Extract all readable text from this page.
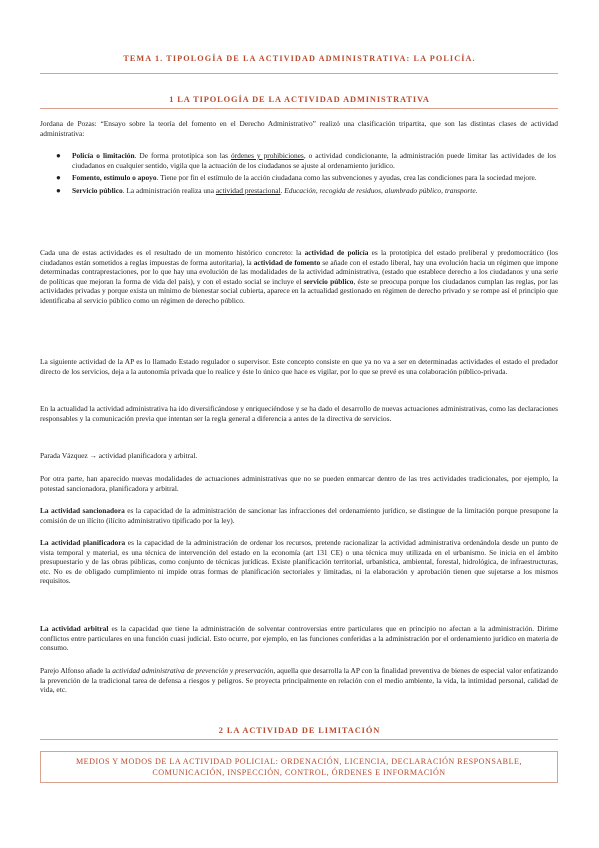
TEMA 1. TIPOLOGÍA DE LA ACTIVIDAD ADMINISTRATIVA: LA POLICÍA.
1 LA TIPOLOGÍA DE LA ACTIVIDAD ADMINISTRATIVA

Jordana de Pozas: “Ensayo sobre la teoría del fomento en el Derecho Administrativo” realizó una clasificación tripartita, que son las distintas clases de actividad administrativa:

● Policía o limitación. De forma prototípica son las órdenes y prohibiciones, o actividad condicionante, la administración puede limitar las actividades de los ciudadanos en cualquier sentido, vigila que la actuación de los ciudadanos se ajuste al ordenamiento jurídico.
● Fomento, estímulo o apoyo. Tiene por fin el estímulo de la acción ciudadana como las subvenciones y ayudas, crea las condiciones para la sociedad mejore.
● Servicio público. La administración realiza una actividad prestacional. Educación, recogida de residuos, alumbrado público, transporte.

Cada una de estas actividades es el resultado de un momento histórico concreto: la actividad de policía es la prototípica del estado preliberal y predomocrático (los ciudadanos están sometidos a reglas impuestas de forma autoritaria), la actividad de fomento se añade con el estado liberal, hay una evolución hacia un régimen que impone determinadas contraprestaciones, por lo que hay una evolución de las modalidades de la actividad administrativa, (estado que establece derecho a los ciudadanos y una serie de políticas que mejoran la forma de vida del país), y con el estado social se incluye el servicio público, éste se preocupa porque los ciudadanos cumplan las reglas, por las actividades privadas y porque exista un mínimo de bienestar social cubierta, aparece en la actualidad gestionado en régimen de derecho privado y se rompe así el principio que identificaba al servicio público como un régimen de derecho público.

La siguiente actividad de la AP es lo llamado Estado regulador o supervisor. Este concepto consiste en que ya no va a ser en determinadas actividades el estado el predador directo de los servicios, deja a la autonomía privada que lo realice y éste lo único que hace es vigilar, por lo que se prevé es una colaboración público-privada.

En la actualidad la actividad administrativa ha ido diversificándose y enriqueciéndose y se ha dado el desarrollo de nuevas actuaciones administrativas, como las declaraciones responsables y la comunicación previa que intentan ser la regla general a diferencia a antes de la directiva de servicios.

Parada Vázquez → actividad planificadora y arbitral.

Por otra parte, han aparecido nuevas modalidades de actuaciones administrativas que no se pueden enmarcar dentro de las tres actividades tradicionales, por ejemplo, la potestad sancionadora, planificadora y arbitral.

La actividad sancionadora es la capacidad de la administración de sancionar las infracciones del ordenamiento jurídico, se distingue de la limitación porque presupone la comisión de un ilícito (ilícito administrativo tipificado por la ley).

La actividad planificadora es la capacidad de la administración de ordenar los recursos, pretende racionalizar la actividad administrativa ordenándola desde un punto de vista temporal y material, es una técnica de intervención del estado en la economía (art 131 CE) o una técnica muy utilizada en el urbanismo. Se inicia en el ámbito presupuestario y de las obras públicas, como conjunto de técnicas jurídicas. Existe planificación territorial, urbanística, ambiental, forestal, hidrológica, de infraestructuras, etc. No es de obligado cumplimiento ni impide otras formas de planificación sectoriales y limitadas, ni la elaboración y aprobación tienen que sujetarse a los mismos requisitos.

La actividad arbitral es la capacidad que tiene la administración de solventar controversias entre particulares que en principio no afectan a la administración. Dirime conflictos entre particulares en una función cuasi judicial. Esto ocurre, por ejemplo, en las funciones conferidas a la administración por el ordenamiento jurídico en materia de consumo.

Parejo Alfonso añade la actividad administrativa de prevención y preservación, aquella que desarrolla la AP con la finalidad preventiva de bienes de especial valor enfatizando la prevención de la tradicional tarea de defensa a riesgos y peligros. Se proyecta principalmente en relación con el medio ambiente, la vida, la intimidad personal, calidad de vida, etc.

2 LA ACTIVIDAD DE LIMITACIÓN
MEDIOS Y MODOS DE LA ACTIVIDAD POLICIAL: ORDENACIÓN, LICENCIA, DECLARACIÓN RESPONSABLE, COMUNICACIÓN, INSPECCIÓN, CONTROL, ÓRDENES E INFORMACIÓN
